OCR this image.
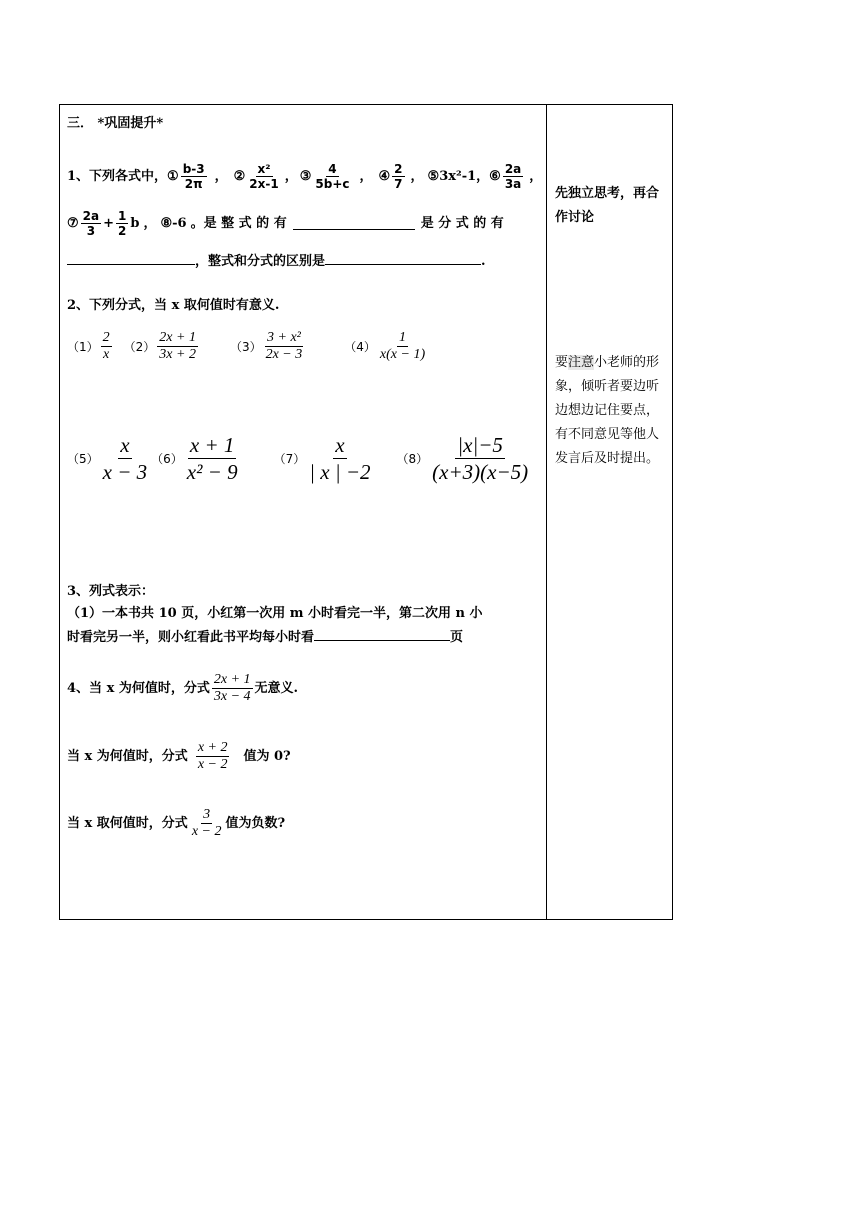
三． *巩固提升*
1、下列各式中， ① $\frac{b-3}{2\pi}$ ， ② $\frac{\text{x²}}{2x-1}$ ， ③ $\frac{4}{5b+c}$ ， ④ $\frac{2}{7}$ ， ⑤3x²-1 ， ⑥ $\frac{2a}{3a}$ ，
⑦ $\frac{2a}{3} + \frac{1}{2}$ b ， ⑧-6 。是 整 式 的 有	是 分 式 的 有
，整式和分式的区别是	.
2、下列分式，当 x 取何值时有意义.
$(1) \frac{2}{x} (2) \frac{2x + 1}{3x + 2}$	$(3) \frac{\text{3 + x²}}{2x - 3}$	$(4) \frac{1}{x(x - 1)}$
$(5) \frac{x}{x - 3} (6) \frac{x + 1}{\text{x² − 9}}$	$(7) \frac{x}{| x | -2} (8) \frac{|x|-5}{(x+3)(x-5)}$
3、列式表示：
（1）一本书共 10 页，小红第一次用 m 小时看完一半，第二次用 n 小
时看完另一半，则小红看此书平均每小时看	页
4、当 x 为何值时，分式 $\frac{2x + 1}{3x - 4}$ 无意义.
当 x 为何值时，分式 $\frac{x + 2}{x - 2}$ 值为 0?
当 x 取何值时，分式 $\frac{3}{x - 2}$ 值为负数?
先独立思考，再合作讨论
要注意小老师的形象，倾听者要边听边想边记住要点，有不同意见等他人发言后及时提出。
